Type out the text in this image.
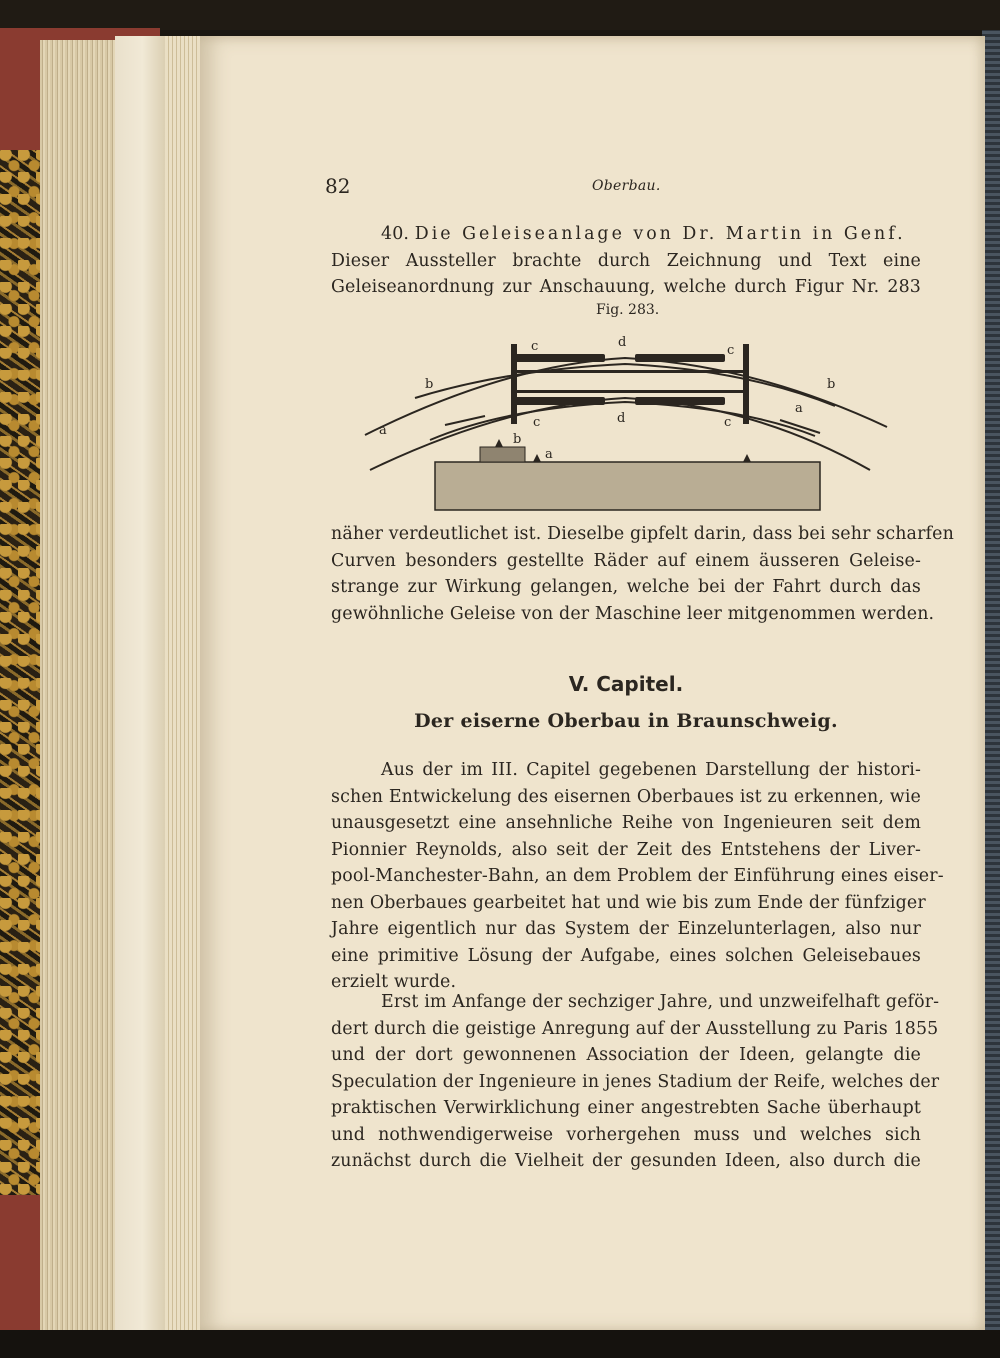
82	Oberbau.
40. Die Geleiseanlage von Dr. Martin in Genf.
Dieser Aussteller brachte durch Zeichnung und Text eine
Geleiseanordnung zur Anschauung, welche durch Figur Nr. 283
Fig. 283.
a
b
c	d
c
b
a
c	d	c
b
a
näher verdeutlichet ist. Dieselbe gipfelt darin, dass bei sehr scharfen
Curven besonders gestellte Räder auf einem äusseren Geleise-
strange zur Wirkung gelangen, welche bei der Fahrt durch das
gewöhnliche Geleise von der Maschine leer mitgenommen werden.
V. Capitel.
Der eiserne Oberbau in Braunschweig.
Aus der im III. Capitel gegebenen Darstellung der histori-
schen Entwickelung des eisernen Oberbaues ist zu erkennen, wie
unausgesetzt eine ansehnliche Reihe von Ingenieuren seit dem
Pionnier Reynolds, also seit der Zeit des Entstehens der Liver-
pool-Manchester-Bahn, an dem Problem der Einführung eines eiser-
nen Oberbaues gearbeitet hat und wie bis zum Ende der fünfziger
Jahre eigentlich nur das System der Einzelunterlagen, also nur
eine primitive Lösung der Aufgabe, eines solchen Geleisebaues
erzielt wurde.
Erst im Anfange der sechziger Jahre, und unzweifelhaft geför-
dert durch die geistige Anregung auf der Ausstellung zu Paris 1855
und der dort gewonnenen Association der Ideen, gelangte die
Speculation der Ingenieure in jenes Stadium der Reife, welches der
praktischen Verwirklichung einer angestrebten Sache überhaupt
und nothwendigerweise vorhergehen muss und welches sich
zunächst durch die Vielheit der gesunden Ideen, also durch die
